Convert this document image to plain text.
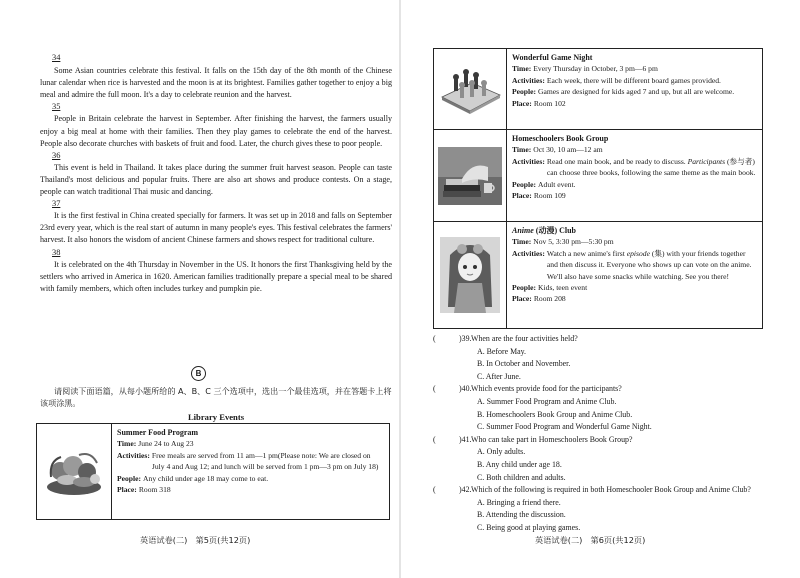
34

Some Asian countries celebrate this festival. It falls on the 15th day of the 8th month of the Chinese lunar calendar when rice is harvested and the moon is at its brightest. Families gather together to enjoy a big meal and admire the full moon. It's a day to celebrate reunion and the harvest.

35

People in Britain celebrate the harvest in September. After finishing the harvest, the farmers usually enjoy a big meal at home with their families. Then they play games to celebrate the end of the harvest. People also decorate churches with baskets of fruit and food. Later, the church gives these to poor people.

36

This event is held in Thailand. It takes place during the summer fruit harvest season. People can taste Thailand's most delicious and popular fruits. There are also art shows and produce contests. On a stage, people can watch traditional Thai music and dancing.

37

It is the first festival in China created specially for farmers. It was set up in 2018 and falls on September 23rd every year, which is the real start of autumn in many people's eyes. This festival celebrates the farmers' harvest. It also honors the wisdom of ancient Chinese farmers and shows respect for traditional culture.

38

It is celebrated on the 4th Thursday in November in the US. It honors the first Thanksgiving held by the settlers who arrived in America in 1620. American families traditionally prepare a special meal to be shared with family members, which often includes turkey and pumpkin pie.

B
请阅读下面语篇，从每小题所给的 A、B、C 三个选项中，选出一个最佳选项，并在答题卡上将该项涂黑。
Library Events
Summer Food Program
Time: June 24 to Aug 23
Activities: Free meals are served from 11 am—1 pm(Please note: We are closed on July 4 and Aug 12; and lunch will be served from 1 pm—3 pm on July 18)
People: Any child under age 18 may come to eat.
Place: Room 318
英语试卷(二)　第5页(共12页)
Wonderful Game Night
Time: Every Thursday in October, 3 pm—6 pm
Activities: Each week, there will be different board games provided.
People: Games are designed for kids aged 7 and up, but all are welcome.
Place: Room 102
Homeschoolers Book Group
Time: Oct 30, 10 am—12 am
Activities: Read one main book, and be ready to discuss. Participants (参与者) can choose three books, following the same theme as the main book.
People: Adult event.
Place: Room 109
Anime (动漫) Club
Time: Nov 5, 3:30 pm—5:30 pm
Activities: Watch a new anime's first episode (集) with your friends together and then discuss it. Everyone who shows up can vote on the anime. We'll also have some snacks while watching. See you there!
People: Kids, teen event
Place: Room 208
(	)39. When are the four activities held?
A. Before May.
B. In October and November.
C. After June.
(	)40. Which events provide food for the participants?
A. Summer Food Program and Anime Club.
B. Homeschoolers Book Group and Anime Club.
C. Summer Food Program and Wonderful Game Night.
(	)41. Who can take part in Homeschoolers Book Group?
A. Only adults.
B. Any child under age 18.
C. Both children and adults.
(	)42. Which of the following is required in both Homeschooler Book Group and Anime Club?
A. Bringing a friend there.
B. Attending the discussion.
C. Being good at playing games.
英语试卷(二)　第6页(共12页)
